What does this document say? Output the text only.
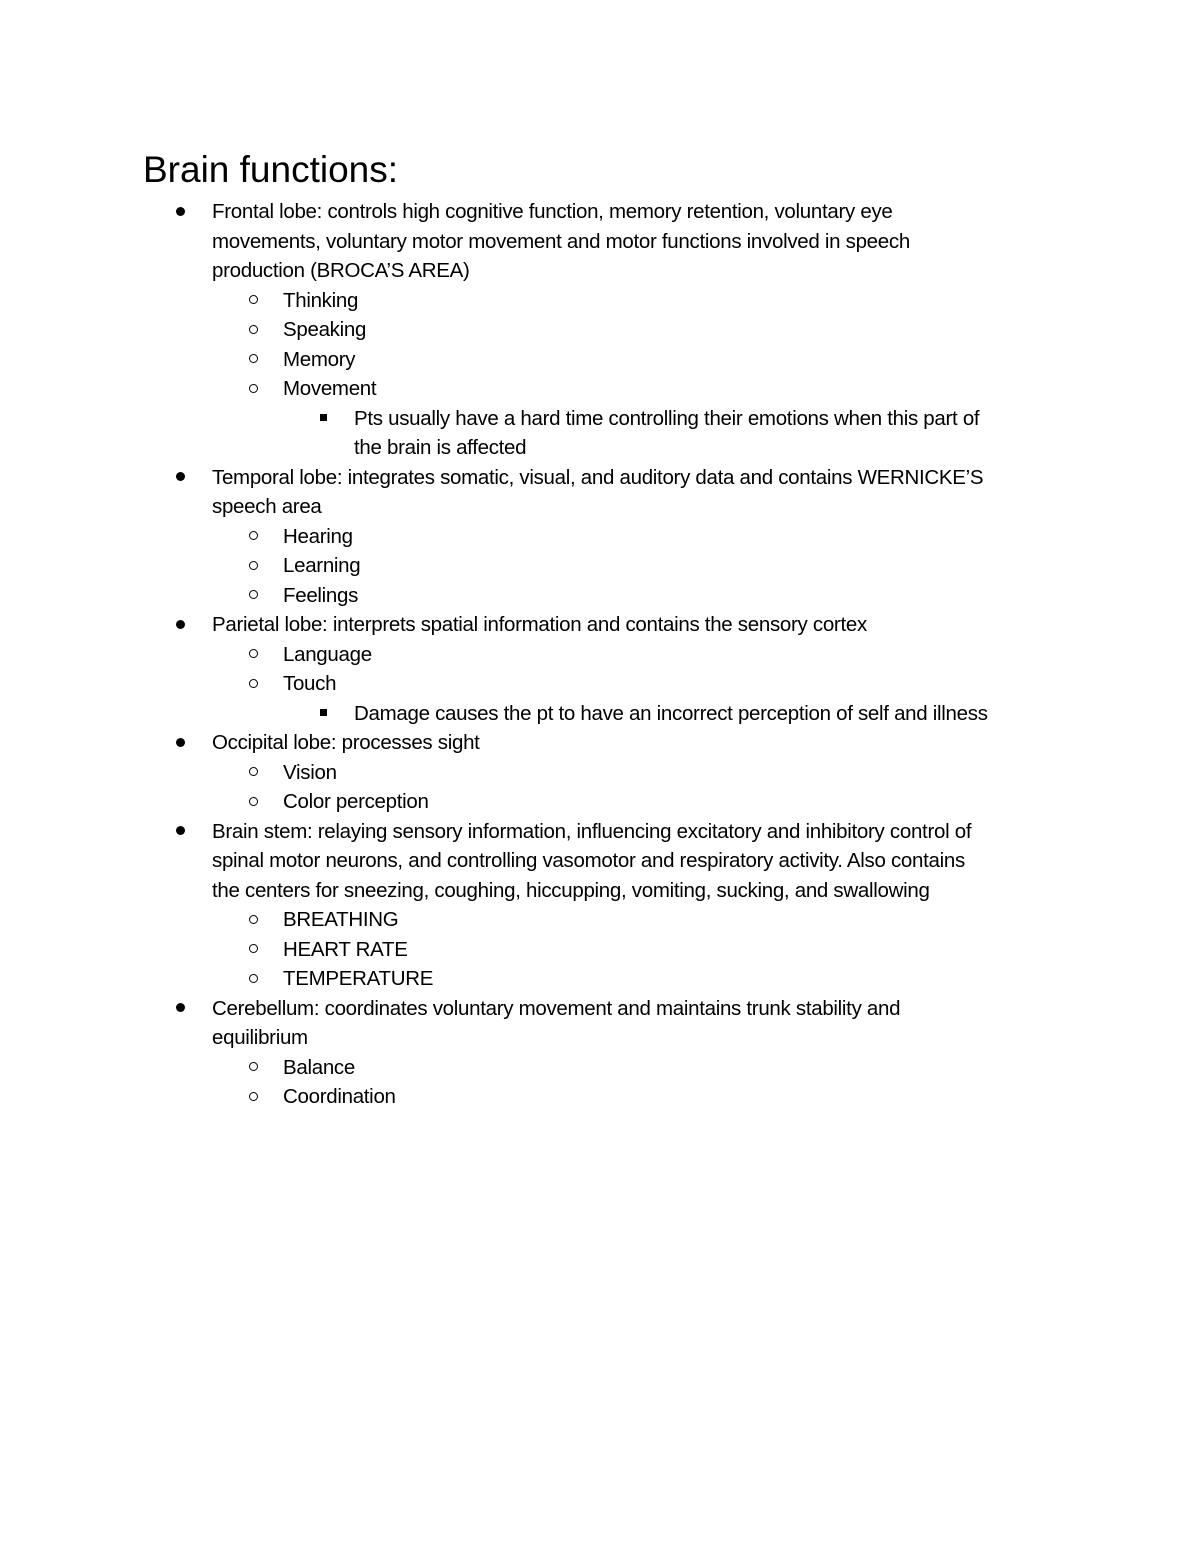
Brain functions:
Frontal lobe: controls high cognitive function, memory retention, voluntary eye
movements, voluntary motor movement and motor functions involved in speech
production (BROCA’S AREA)
Thinking
Speaking
Memory
Movement
Pts usually have a hard time controlling their emotions when this part of
the brain is affected
Temporal lobe: integrates somatic, visual, and auditory data and contains WERNICKE’S
speech area
Hearing
Learning
Feelings
Parietal lobe: interprets spatial information and contains the sensory cortex
Language
Touch
Damage causes the pt to have an incorrect perception of self and illness
Occipital lobe: processes sight
Vision
Color perception
Brain stem: relaying sensory information, influencing excitatory and inhibitory control of
spinal motor neurons, and controlling vasomotor and respiratory activity. Also contains
the centers for sneezing, coughing, hiccupping, vomiting, sucking, and swallowing
BREATHING
HEART RATE
TEMPERATURE
Cerebellum: coordinates voluntary movement and maintains trunk stability and
equilibrium
Balance
Coordination
